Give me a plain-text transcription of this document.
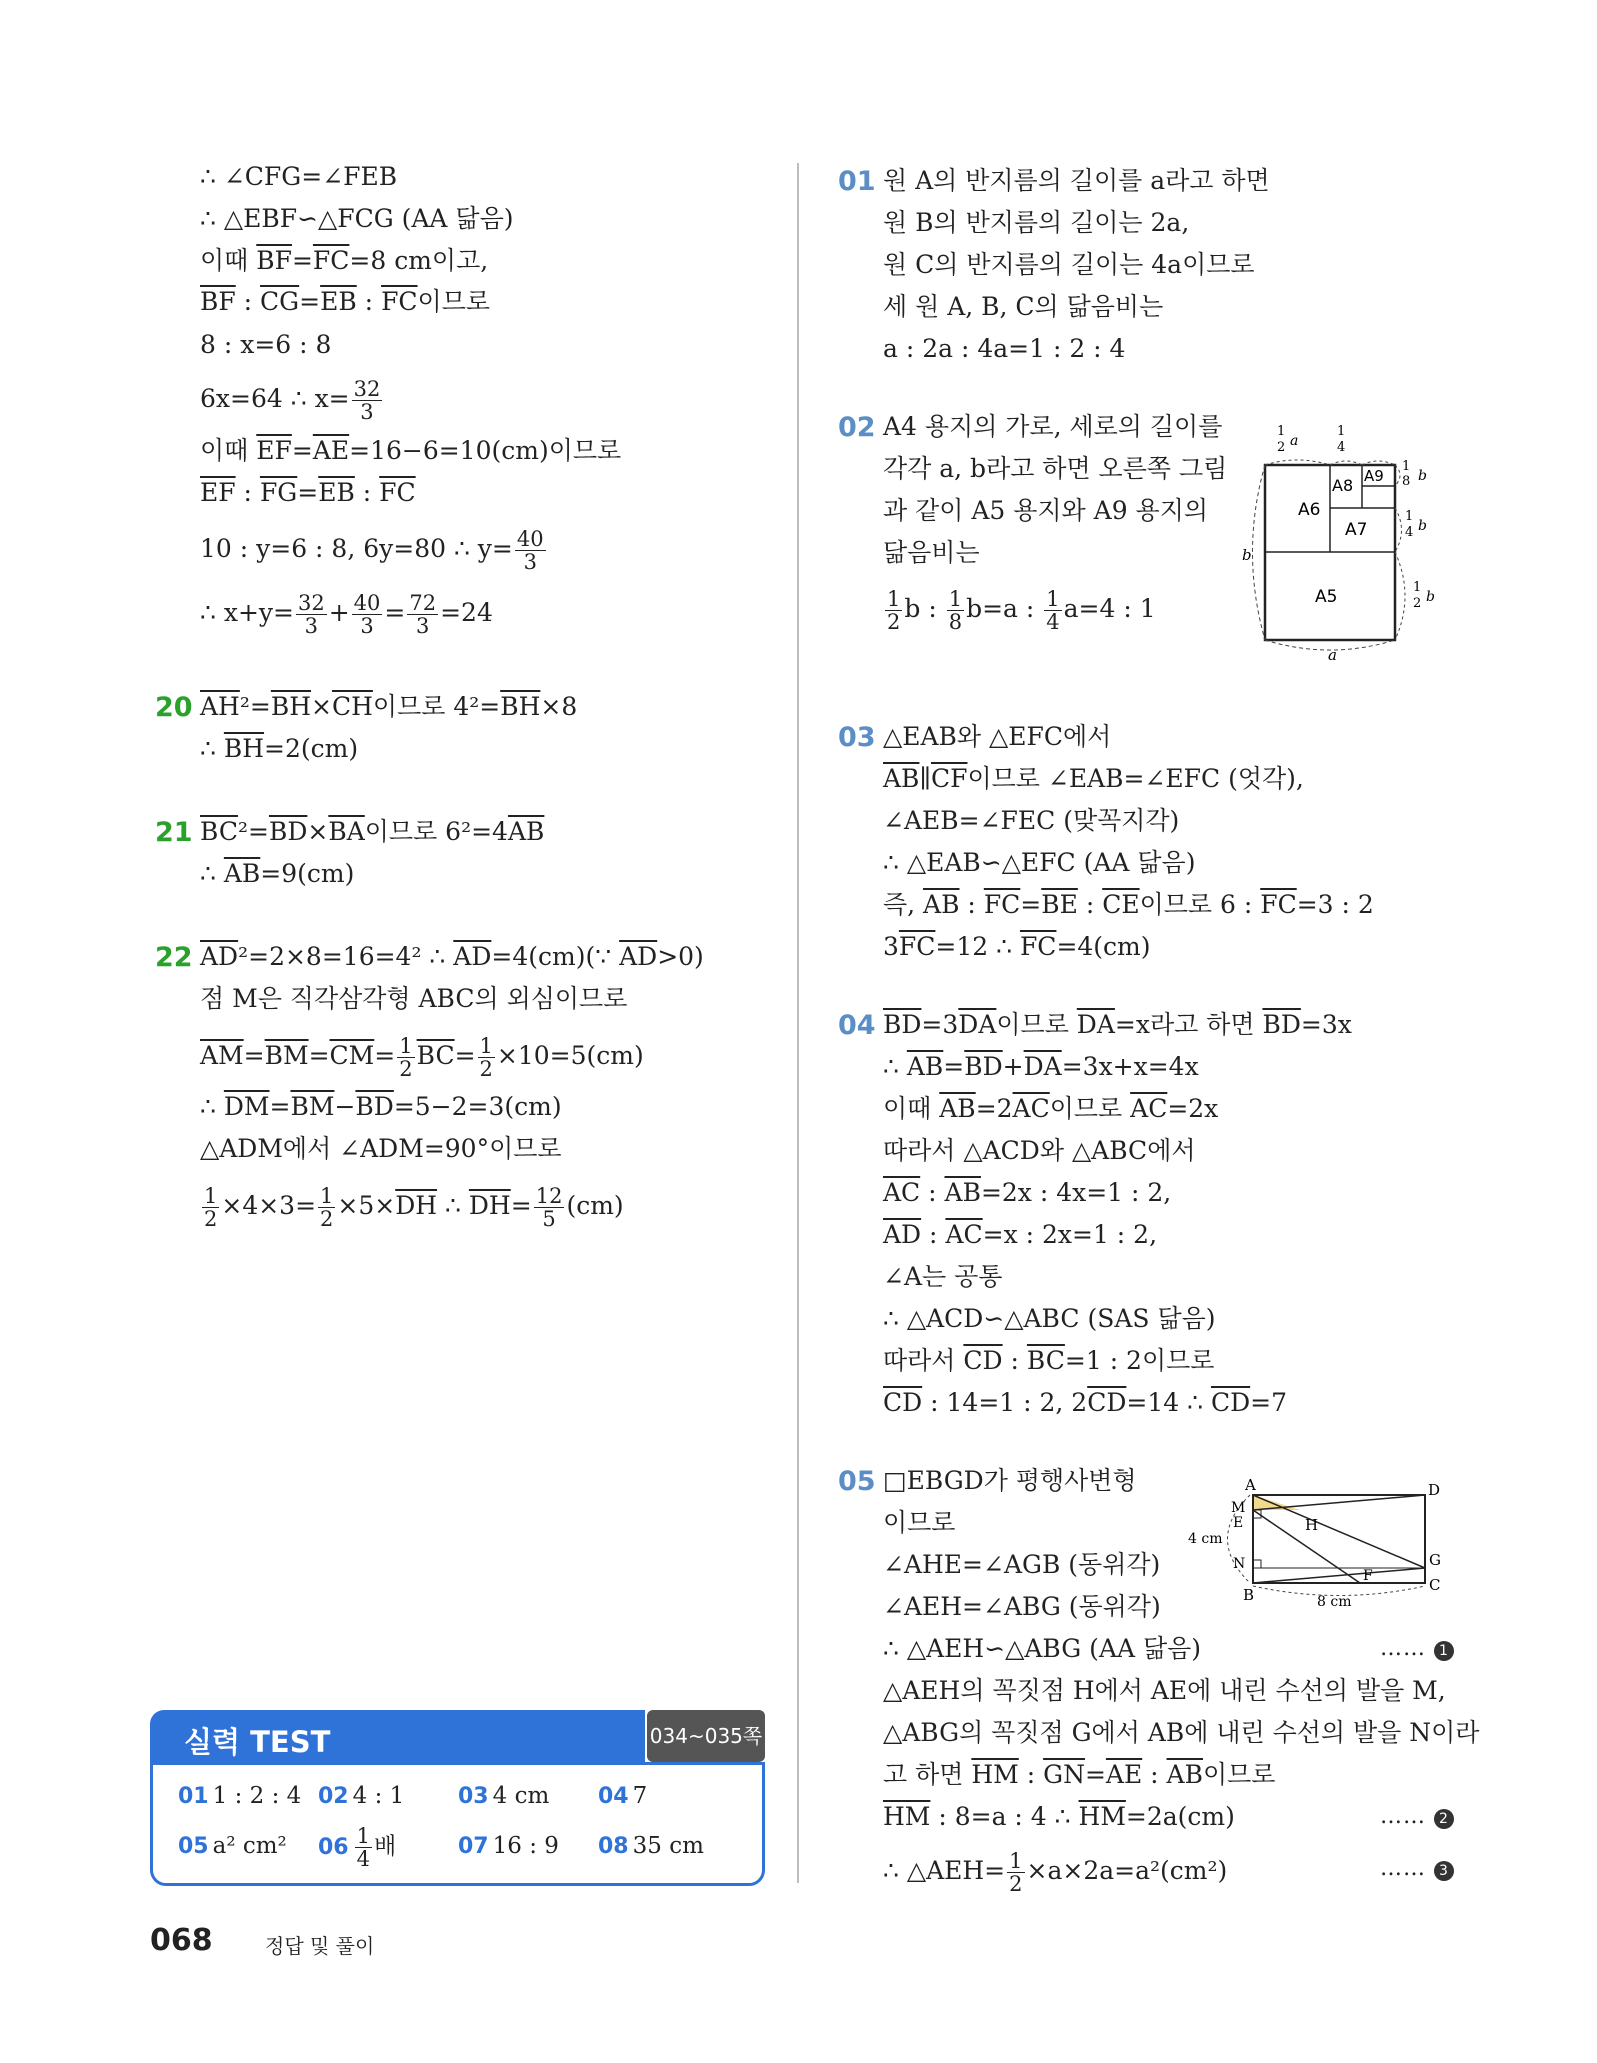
∴ ∠CFG=∠FEB
∴ △EBF∽△FCG (AA 닮음)
이때 $\overline{BF}=\overline{FC}=8$ cm이고,
$\overline{BF}$ : $\overline{CG}=\overline{EB}$ : $\overline{FC}$이므로
8 : x=6 : 8
6x=64 ∴ $x= \frac{32}{3}$
이때 $\overline{EF}=\overline{AE}=16-6=10(cm)$이므로
$\overline{EF}$ : $\overline{FG}=\overline{EB}$ : $\overline{FC}$
10 : y=6 : 8, 6y=80 ∴ $y= \frac{40}{3}$
∴ $x+y= \frac{32}{3} + \frac{40}{3} = \frac{72}{3} =24$
20 $\overline{AH}^2=\overline{BH}\times\overline{CH}$이므로 $4^2=\overline{BH}\times 8$
∴ $\overline{BH}=2(cm)$
21 $\overline{BC}^2=\overline{BD}\times\overline{BA}$이므로 $6^2=4\overline{AB}$
∴ $\overline{AB}=9(cm)$
22 $\overline{AD}^2=2\times 8=16=4^2$ ∴ $\overline{AD}=4(cm)(\because$ $\overline{AD}>0$)
점 M은 직각삼각형 ABC의 외심이므로
$\overline{AM}=\overline{BM}=\overline{CM}= \frac{1}{2} \overline{BC}= \frac{1}{2} \times 10=5(cm)$
∴ $\overline{DM}=\overline{BM}-\overline{BD}=5-2=3(cm)$
△ADM에서 ∠ADM=90°이므로
$\frac{1}{2} \times 4\times 3= \frac{1}{2} \times 5\times\overline{DH}$ ∴ $\overline{DH}= \frac{12}{5} (cm)$
실력 TEST	034~035쪽
01 1 : 2 : 4 02 4 : 1 03 4 cm 04 7
05 a² cm² $06 \frac{1}{4}$ 배	07 16 : 9 08 35 cm
01 원 A의 반지름의 길이를 a라고 하면
원 B의 반지름의 길이는 2a,
원 C의 반지름의 길이는 4a이므로
세 원 A, B, C의 닮음비는
a : 2a : 4a=1 : 2 : 4
02 A4 용지의 가로, 세로의 길이를
각각 a, b라고 하면 오른쪽 그림
과 같이 A5 용지와 A9 용지의
닮음비는
$\frac{1}{2}$ b : $\frac{1}{8} b=a$ : $\frac{1}{4} a=4$ : 1
A6
A8 A9
A7
A5
a
b
1
2 a
1
4
1
8 b
1
4 b
1
2 b
03 △EAB와 △EFC에서
$\overline{AB}\parallel\overline{CF}$이므로 ∠EAB=∠EFC (엇각),
∠AEB=∠FEC (맞꼭지각)
∴ △EAB∽△EFC (AA 닮음)
즉, $\overline{AB}$ : $\overline{FC}=\overline{BE}$ : $\overline{CE}$이므로 6 : $\overline{FC}=3$ : 2
$3\overline{FC}=12$ ∴ $\overline{FC}=4(cm)$
04 $\overline{BD}=3\overline{DA}$이므로 $\overline{DA}=x$라고 하면 $\overline{BD}=3x$
∴ $\overline{AB}=\overline{BD}+\overline{DA}=3x+x=4x$
이때 $\overline{AB}=2\overline{AC}$이므로 $\overline{AC}=2x$
따라서 △ACD와 △ABC에서
$\overline{AC}$ : $\overline{AB}=2x$ : 4x=1 : 2,
$\overline{AD}$ : $\overline{AC}=x$ : 2x=1 : 2,
∠A는 공통
∴ △ACD∽△ABC (SAS 닮음)
따라서 $\overline{CD}$ : $\overline{BC}=1$ : 2이므로
$\overline{CD}$ : 14=1 : 2, $2\overline{CD}=14$ ∴ $\overline{CD}=7$
05 □EBGD가 평행사변형
이므로
∠AHE=∠AGB (동위각)
∠AEH=∠ABG (동위각)
∴ △AEH∽△ABG (AA 닮음)	…… 1
△AEH의 꼭짓점 H에서 AE에 내린 수선의 발을 M,
△ABG의 꼭짓점 G에서 AB에 내린 수선의 발을 N이라
고 하면 $\overline{HM}$ : $\overline{GN}=\overline{AE}$ : $\overline{AB}$이므로
$\overline{HM}$ : 8=a : 4 ∴ $\overline{HM}=2a(cm)$	…… 2
∴ △AEH= $\frac{1}{2} \times a\times 2a=a^2(cm^2)$	…… 3
A	D
M
E	H
N	G
F
B
C
4 cm
8 cm
068	정답 및 풀이
